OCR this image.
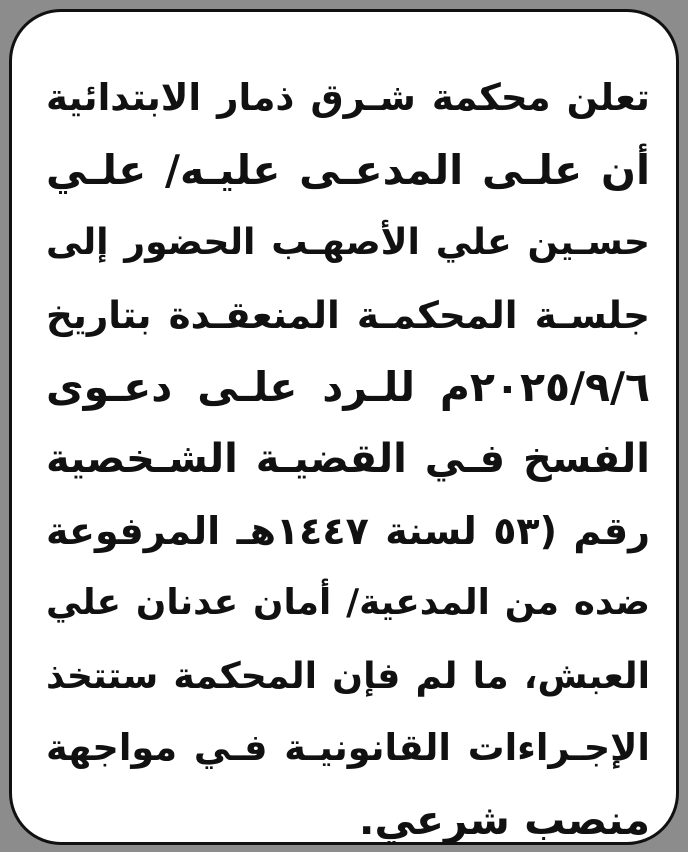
تعلن محكمة شـرق ذمار الابتدائية
أن علـى المدعـى عليـه/ علـي
حسـين علي الأصهـب الحضور إلى
جلسـة المحكمـة المنعقـدة بتاريخ
٢٠٢٥/٩/٦م للـرد علـى دعـوى
الفسخ فـي القضيـة الشـخصية
رقم (٥٣ لسنة ١٤٤٧هـ المرفوعة
ضده من المدعية/ أمان عدنان علي
العبش، ما لم فإن المحكمة ستتخذ
الإجـراءات القانونيـة فـي مواجهة
منصب شرعي.
